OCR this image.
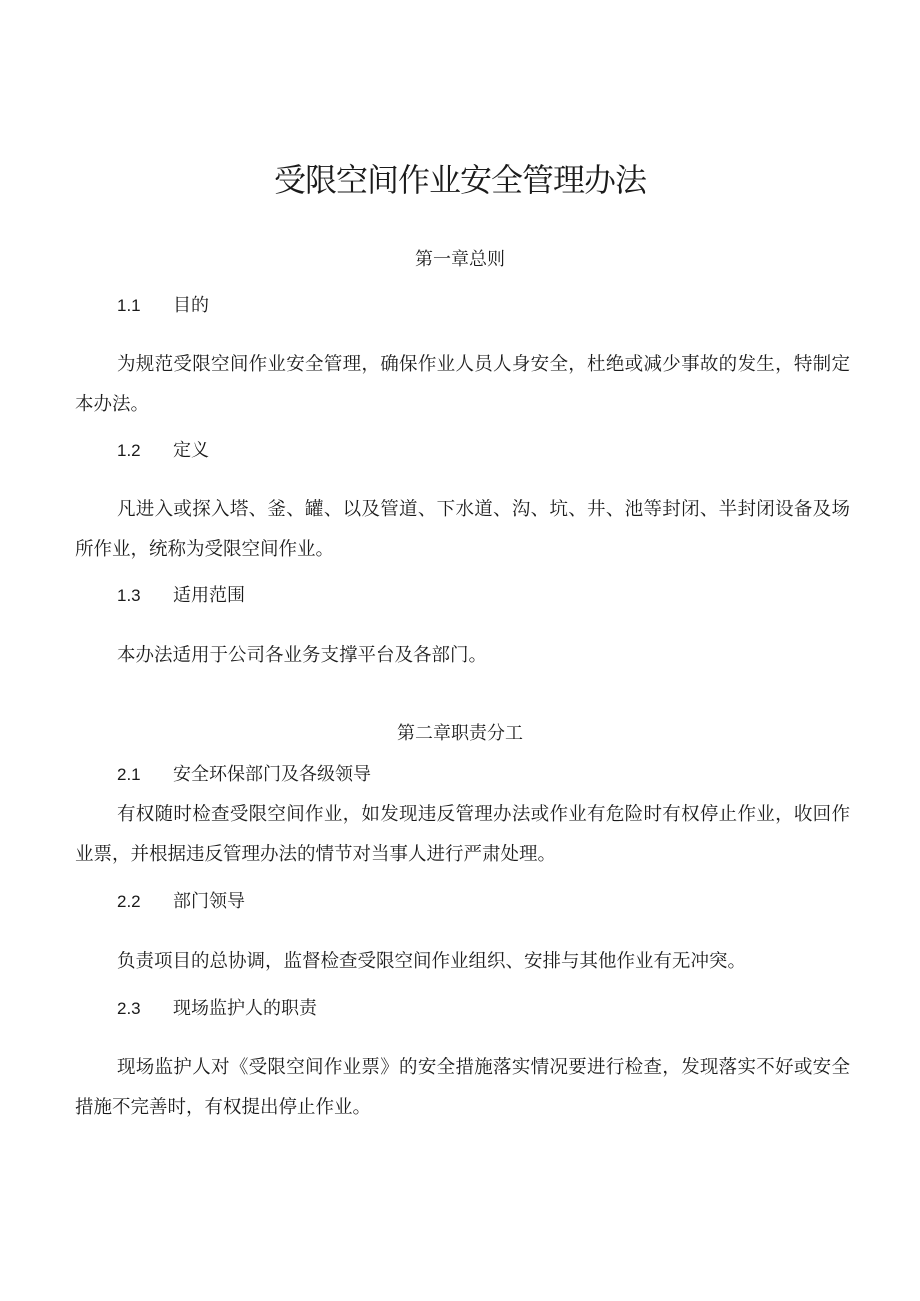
受限空间作业安全管理办法
第一章总则
1.1 目的
为规范受限空间作业安全管理，确保作业人员人身安全，杜绝或减少事故的发生，特制定本办法。
1.2 定义
凡进入或探入塔、釜、罐、以及管道、下水道、沟、坑、井、池等封闭、半封闭设备及场所作业，统称为受限空间作业。
1.3 适用范围
本办法适用于公司各业务支撑平台及各部门。
第二章职责分工
2.1 安全环保部门及各级领导
有权随时检查受限空间作业，如发现违反管理办法或作业有危险时有权停止作业，收回作业票，并根据违反管理办法的情节对当事人进行严肃处理。
2.2 部门领导
负责项目的总协调，监督检查受限空间作业组织、安排与其他作业有无冲突。
2.3 现场监护人的职责
现场监护人对《受限空间作业票》的安全措施落实情况要进行检查，发现落实不好或安全措施不完善时，有权提出停止作业。
